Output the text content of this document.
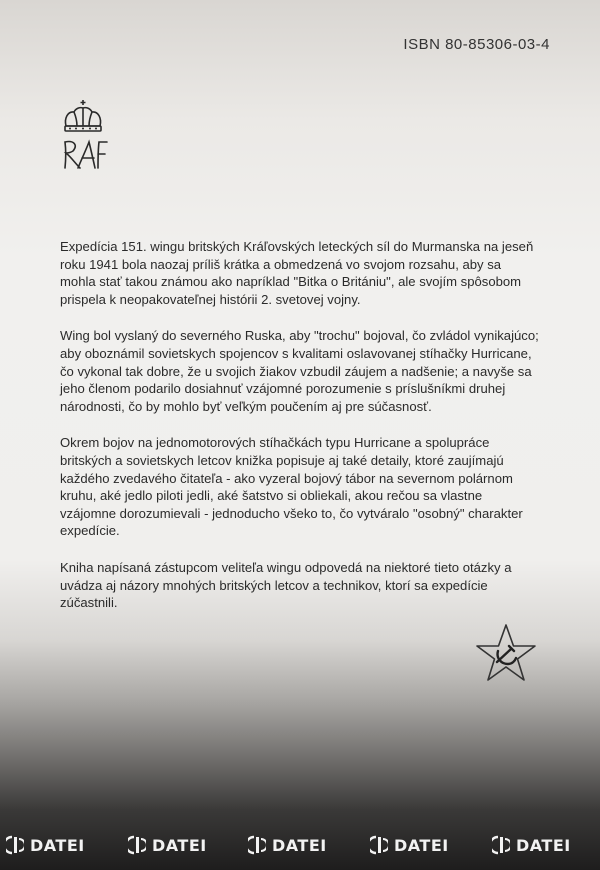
ISBN 80-85306-03-4

Expedícia 151. wingu britských Kráľovských leteckých síl do Murmanska na jeseň roku 1941 bola naozaj príliš krátka a obmedzená vo svojom rozsahu, aby sa mohla stať takou známou ako napríklad "Bitka o Britániu", ale svojím spôsobom prispela k neopakovateľnej histórii 2. svetovej vojny.

Wing bol vyslaný do severného Ruska, aby "trochu" bojoval, čo zvládol vynikajúco; aby oboznámil sovietskych spojencov s kvalitami oslavovanej stíhačky Hurricane, čo vykonal tak dobre, že u svojich žiakov vzbudil záujem a nadšenie; a navyše sa jeho členom podarilo dosiahnuť vzájomné porozumenie s príslušníkmi druhej národnosti, čo by mohlo byť veľkým poučením aj pre súčasnosť.

Okrem bojov na jednomotorových stíhačkách typu Hurricane a spolupráce britských a sovietskych letcov knižka popisuje aj také detaily, ktoré zaujímajú každého zvedavého čitateľa - ako vyzeral bojový tábor na severnom polárnom kruhu, aké jedlo piloti jedli, aké šatstvo si obliekali, akou rečou sa vlastne vzájomne dorozumievali - jednoducho všeko to, čo vytváralo "osobný" charakter expedície.

Kniha napísaná zástupcom veliteľa wingu odpovedá na niektoré tieto otázky a uvádza aj názory mnohých britských letcov a technikov, ktorí sa expedície zúčastnili.

DATEI	DATEI	DATEI	DATEI	DATEI
